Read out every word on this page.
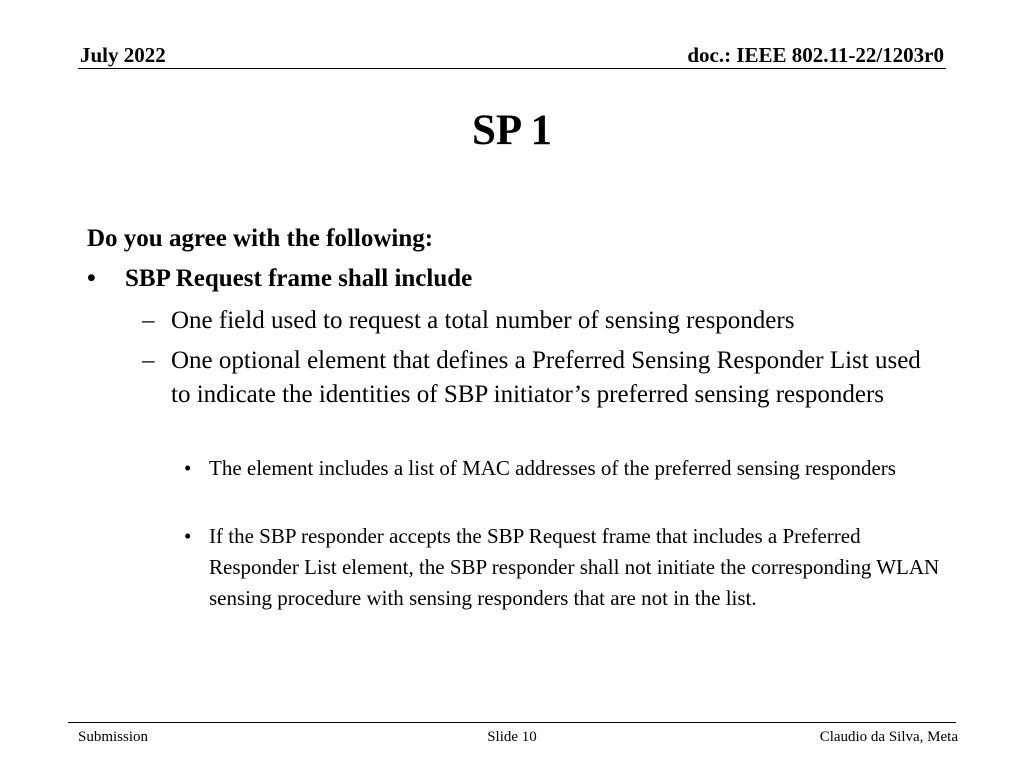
July 2022	doc.: IEEE 802.11-22/1203r0
SP 1
Do you agree with the following:
• SBP Request frame shall include
– One field used to request a total number of sensing responders
– One optional element that defines a Preferred Sensing Responder List used to indicate the identities of SBP initiator’s preferred sensing responders
• The element includes a list of MAC addresses of the preferred sensing responders
• If the SBP responder accepts the SBP Request frame that includes a Preferred Responder List element, the SBP responder shall not initiate the corresponding WLAN sensing procedure with sensing responders that are not in the list.
Submission	Slide 10	Claudio da Silva, Meta
